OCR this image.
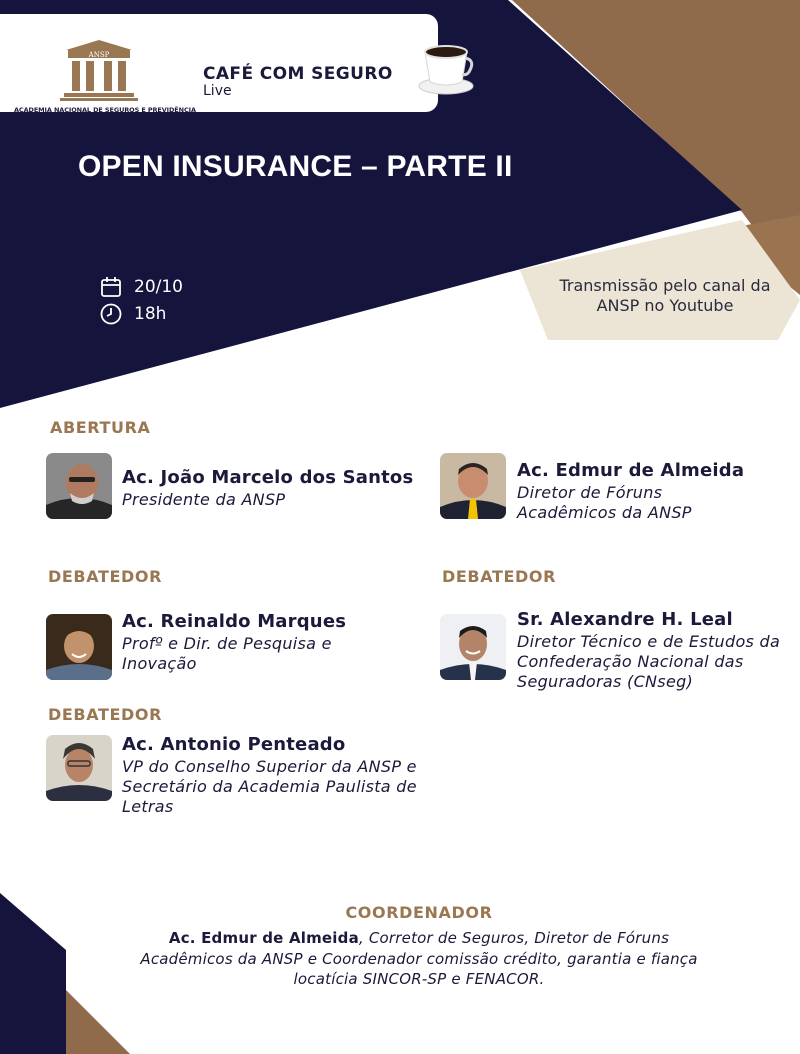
ANSP
ACADEMIA NACIONAL DE SEGUROS E PREVIDÊNCIA
CAFÉ COM SEGURO
Live
OPEN INSURANCE – PARTE II
20/10
18h
Transmissão pelo canal da ANSP no Youtube
ABERTURA
DEBATEDOR	DEBATEDOR
DEBATEDOR
Ac. João Marcelo dos Santos
Presidente da ANSP
Ac. Edmur de Almeida
Diretor de Fóruns Acadêmicos da ANSP
Ac. Reinaldo Marques
Profº e Dir. de Pesquisa e Inovação
Sr. Alexandre H. Leal
Diretor Técnico e de Estudos da Confederação Nacional das Seguradoras (CNseg)
Ac. Antonio Penteado
VP do Conselho Superior da ANSP e Secretário da Academia Paulista de Letras
COORDENADOR
Ac. Edmur de Almeida, Corretor de Seguros, Diretor de Fóruns Acadêmicos da ANSP e Coordenador comissão crédito, garantia e fiança locatícia SINCOR-SP e FENACOR.
